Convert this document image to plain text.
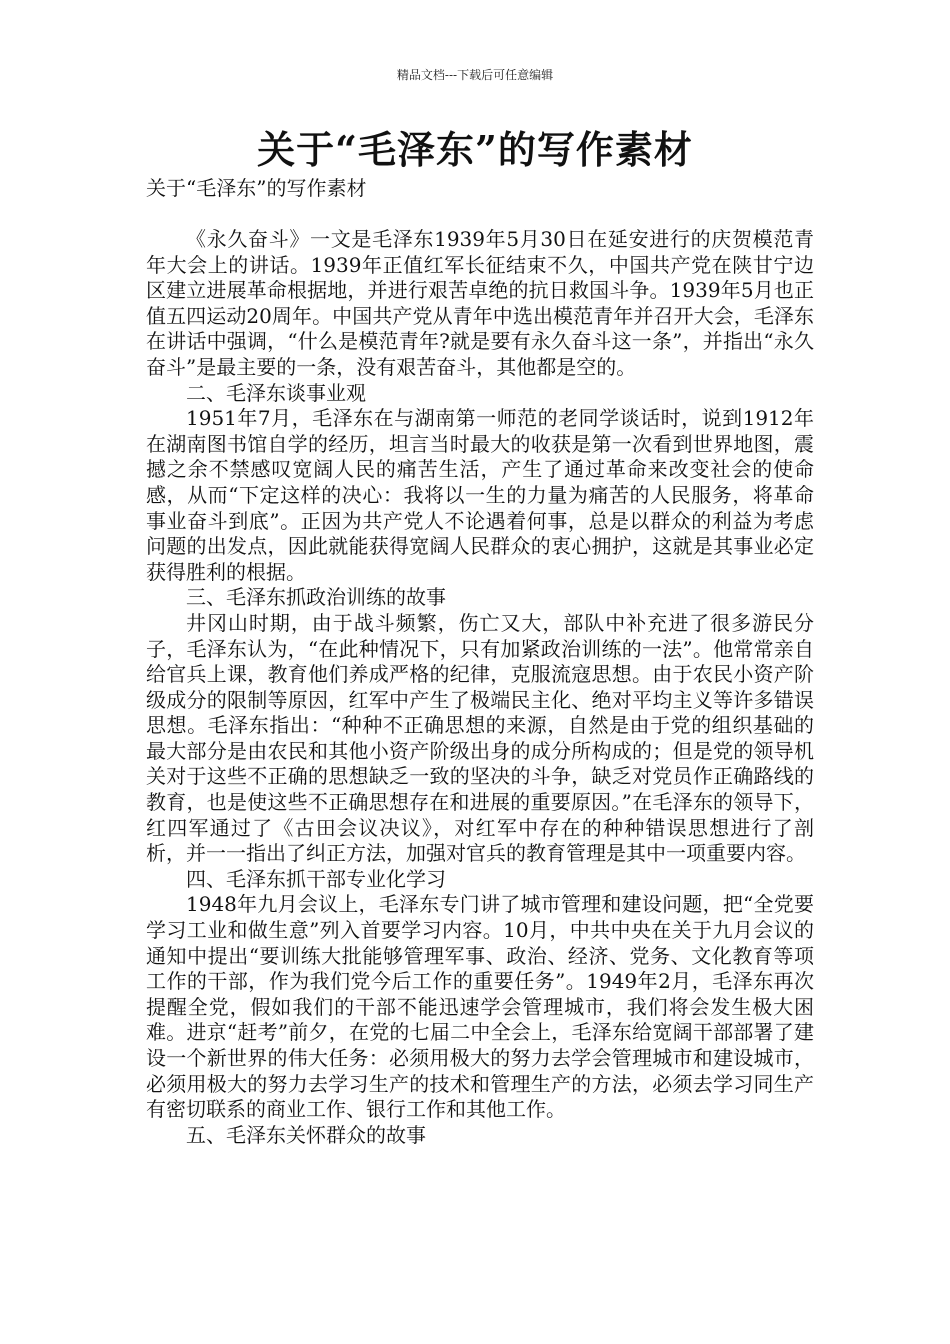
精品文档---下载后可任意编辑
关于“毛泽东”的写作素材
关于“毛泽东”的写作素材

《永久奋斗》一文是毛泽东1939年5月30日在延安进行的庆贺模范青年大会上的讲话。1939年正值红军长征结束不久，中国共产党在陕甘宁边区建立进展革命根据地，并进行艰苦卓绝的抗日救国斗争。1939年5月也正值五四运动20周年。中国共产党从青年中选出模范青年并召开大会，毛泽东在讲话中强调，“什么是模范青年?就是要有永久奋斗这一条”，并指出“永久奋斗”是最主要的一条，没有艰苦奋斗，其他都是空的。

二、毛泽东谈事业观

1951年7月，毛泽东在与湖南第一师范的老同学谈话时，说到1912年在湖南图书馆自学的经历，坦言当时最大的收获是第一次看到世界地图，震撼之余不禁感叹宽阔人民的痛苦生活，产生了通过革命来改变社会的使命感，从而“下定这样的决心：我将以一生的力量为痛苦的人民服务，将革命事业奋斗到底”。正因为共产党人不论遇着何事，总是以群众的利益为考虑问题的出发点，因此就能获得宽阔人民群众的衷心拥护，这就是其事业必定获得胜利的根据。

三、毛泽东抓政治训练的故事

井冈山时期，由于战斗频繁，伤亡又大，部队中补充进了很多游民分子，毛泽东认为，“在此种情况下，只有加紧政治训练的一法”。他常常亲自给官兵上课，教育他们养成严格的纪律，克服流寇思想。由于农民小资产阶级成分的限制等原因，红军中产生了极端民主化、绝对平均主义等许多错误思想。毛泽东指出：“种种不正确思想的来源，自然是由于党的组织基础的最大部分是由农民和其他小资产阶级出身的成分所构成的；但是党的领导机关对于这些不正确的思想缺乏一致的坚决的斗争，缺乏对党员作正确路线的教育，也是使这些不正确思想存在和进展的重要原因。”在毛泽东的领导下，红四军通过了《古田会议决议》，对红军中存在的种种错误思想进行了剖析，并一一指出了纠正方法，加强对官兵的教育管理是其中一项重要内容。

四、毛泽东抓干部专业化学习

1948年九月会议上，毛泽东专门讲了城市管理和建设问题，把“全党要学习工业和做生意”列入首要学习内容。10月，中共中央在关于九月会议的通知中提出“要训练大批能够管理军事、政治、经济、党务、文化教育等项工作的干部，作为我们党今后工作的重要任务”。1949年2月，毛泽东再次提醒全党，假如我们的干部不能迅速学会管理城市，我们将会发生极大困难。进京“赶考”前夕，在党的七届二中全会上，毛泽东给宽阔干部部署了建设一个新世界的伟大任务：必须用极大的努力去学会管理城市和建设城市，必须用极大的努力去学习生产的技术和管理生产的方法，必须去学习同生产有密切联系的商业工作、银行工作和其他工作。

五、毛泽东关怀群众的故事
